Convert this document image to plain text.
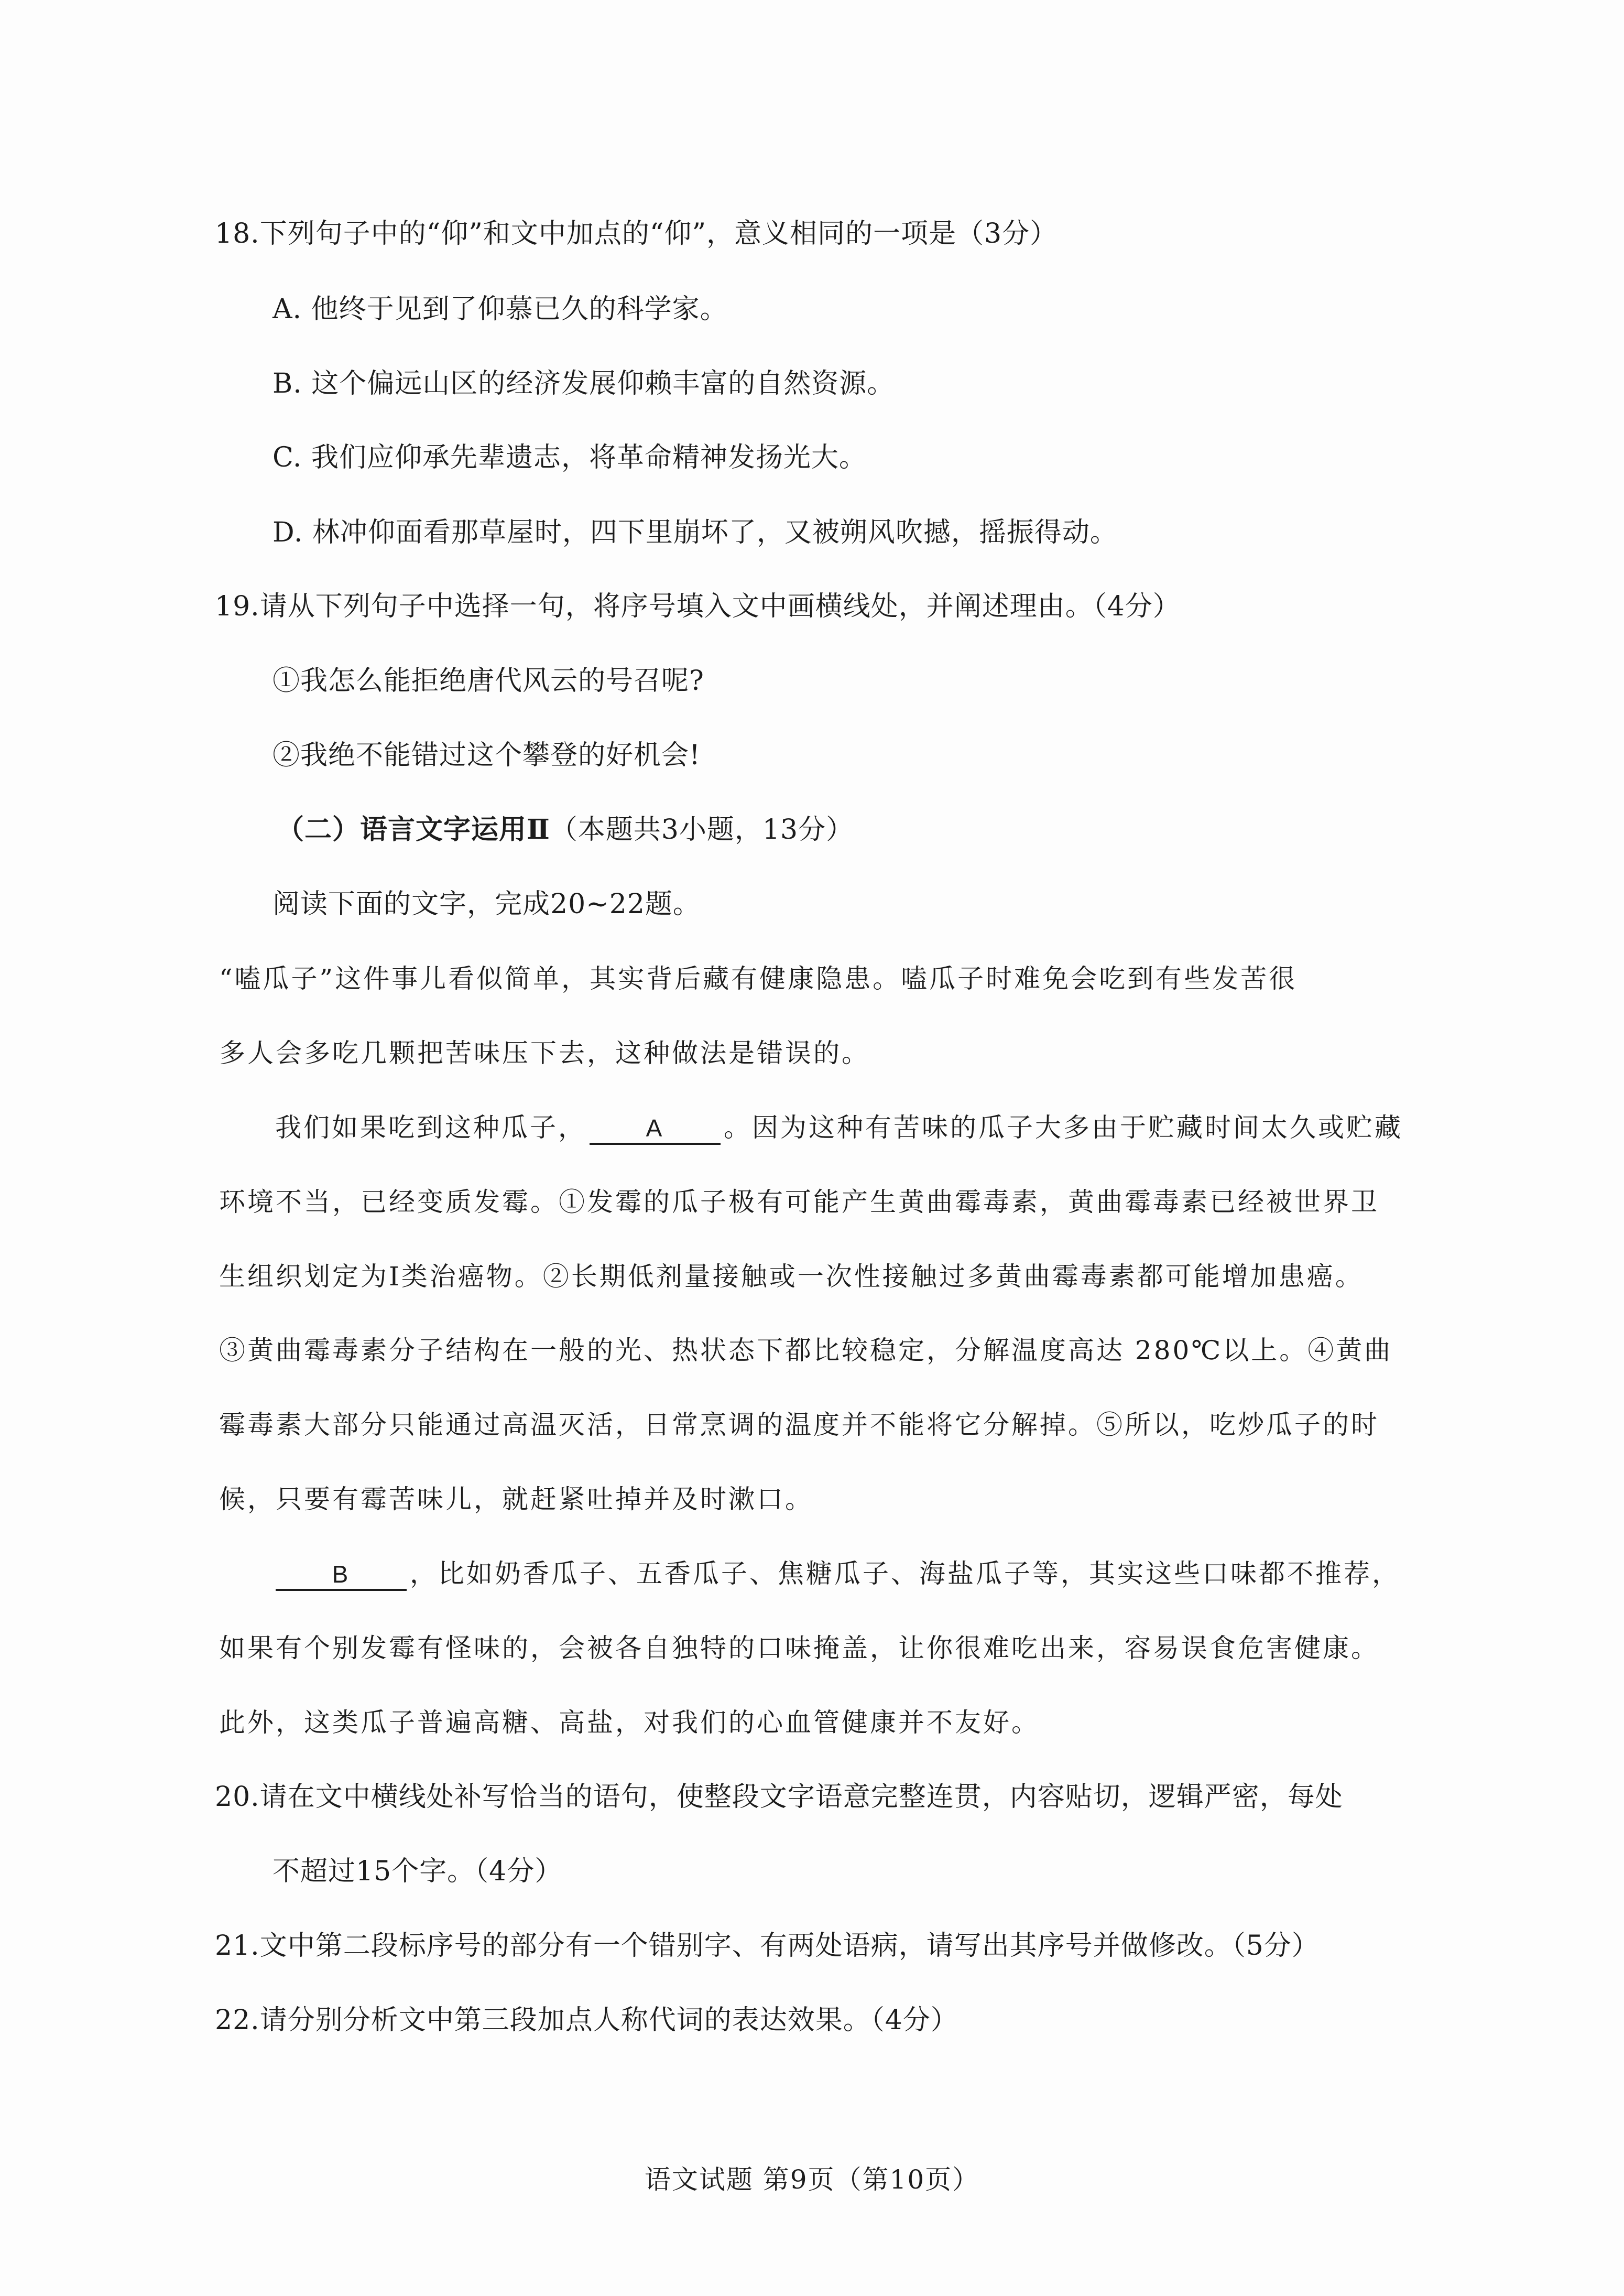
18.下列句子中的“仰”和文中加点的“仰”，意义相同的一项是（3分）
A. 他终于见到了仰慕已久的科学家。
B. 这个偏远山区的经济发展仰赖丰富的自然资源。
C. 我们应仰承先辈遗志，将革命精神发扬光大。
D. 林冲仰面看那草屋时，四下里崩坏了，又被朔风吹撼，摇振得动。
19.请从下列句子中选择一句，将序号填入文中画横线处，并阐述理由。（4分）
①我怎么能拒绝唐代风云的号召呢?
②我绝不能错过这个攀登的好机会!
（二）语言文字运用Ⅱ（本题共3小题，13分）
阅读下面的文字，完成20~22题。
“嗑瓜子”这件事儿看似简单，其实背后藏有健康隐患。嗑瓜子时难免会吃到有些发苦很
多人会多吃几颗把苦味压下去，这种做法是错误的。
我们如果吃到这种瓜子， A 。因为这种有苦味的瓜子大多由于贮藏时间太久或贮藏
环境不当，已经变质发霉。①发霉的瓜子极有可能产生黄曲霉毒素，黄曲霉毒素已经被世界卫
生组织划定为I类治癌物。②长期低剂量接触或一次性接触过多黄曲霉毒素都可能增加患癌。
③黄曲霉毒素分子结构在一般的光、热状态下都比较稳定，分解温度高达 280℃以上。④黄曲
霉毒素大部分只能通过高温灭活，日常烹调的温度并不能将它分解掉。⑤所以，吃炒瓜子的时
候，只要有霉苦味儿，就赶紧吐掉并及时漱口。
B ，比如奶香瓜子、五香瓜子、焦糖瓜子、海盐瓜子等，其实这些口味都不推荐，
如果有个别发霉有怪味的，会被各自独特的口味掩盖，让你很难吃出来，容易误食危害健康。
此外，这类瓜子普遍高糖、高盐，对我们的心血管健康并不友好。
20.请在文中横线处补写恰当的语句，使整段文字语意完整连贯，内容贴切，逻辑严密，每处
不超过15个字。（4分）
21.文中第二段标序号的部分有一个错别字、有两处语病，请写出其序号并做修改。（5分）
22.请分别分析文中第三段加点人称代词的表达效果。（4分）
语文试题 第9页（第10页）
